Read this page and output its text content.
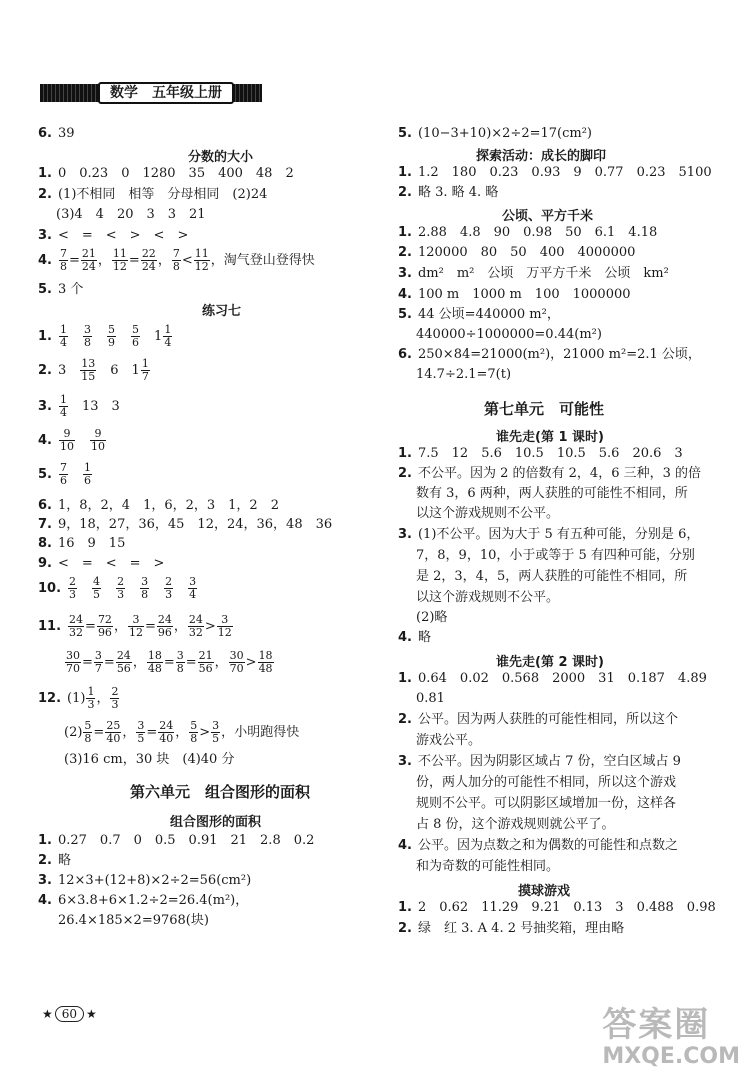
数学　五年级上册
6. 39
分数的大小
1. 0　0.23　0　1280　35　400　48　2
2. (1)不相同　相等　分母相同　(2)24
(3)4　4　20　3　3　21
3. <　=　<　>　<　>
4. $\frac{7}{8} = \frac{21}{24}$ ， $\frac{11}{12} = \frac{22}{24}$ ， $\frac{7}{8} < \frac{11}{12}$ ，淘气登山登得快
5. 3 个
练习七
1. $\frac{1}{4}$
　 $\frac{3}{8}$
　 $\frac{5}{9}$
　 $\frac{5}{6}$ 　$1 \frac{1}{4}$
2. 3　 $\frac{13}{15}$ 　6　$1 \frac{1}{7}$
3. $\frac{1}{4}$ 　13　3
4. $\frac{9}{10}$
　 $\frac{9}{10}$
5. $\frac{7}{6}$
　 $\frac{1}{6}$
6. 1，8，2，4　1，6，2，3　1，2　2
7. 9，18，27，36，45　12，24，36，48　36
8. 16　9　15
9. <　=　<　=　>
10. $\frac{2}{3}$
　 $\frac{4}{5}$
　 $\frac{2}{3}$
　 $\frac{3}{8}$
　 $\frac{2}{3}$
　 $\frac{3}{4}$
11. $\frac{24}{32} = \frac{72}{96}$ ， $\frac{3}{12} = \frac{24}{96}$ ， $\frac{24}{32} > \frac{3}{12}$
$\frac{30}{70} = \frac{3}{7} = \frac{24}{56}$ ， $\frac{18}{48} = \frac{3}{8} = \frac{21}{56}$ ， $\frac{30}{70} > \frac{18}{48}$
12. $(1) \frac{1}{3}$ ， $\frac{2}{3}$
$(2) \frac{5}{8} = \frac{25}{40}$ ， $\frac{3}{5} = \frac{24}{40}$ ， $\frac{5}{8} > \frac{3}{5}$ ，小明跑得快
(3)16 cm，30 块　(4)40 分
第六单元　组合图形的面积
组合图形的面积
1. 0.27　0.7　0　0.5　0.91　21　2.8　0.2
2. 略
3. 12×3+(12+8)×2÷2=56(cm²)
4. 6×3.8+6×1.2÷2=26.4(m²)，
26.4×185×2=9768(块)
5. (10−3+10)×2÷2=17(cm²)
探索活动：成长的脚印
1. 1.2　180　0.23　0.93　9　0.77　0.23　5100
2. 略 3. 略 4. 略
公顷、平方千米
1. 2.88　4.8　90　0.98　50　6.1　4.18
2. 120000　80　50　400　4000000
3. dm²　m²　公顷　万平方千米　公顷　km²
4. 100 m　1000 m　100　1000000
5. 44 公顷=440000 m²，
440000÷1000000=0.44(m²)
6. 250×84=21000(m²)，21000 m²=2.1 公顷，
14.7÷2.1=7(t)
第七单元　可能性
谁先走(第 1 课时)
1. 7.5　12　5.6　10.5　10.5　5.6　20.6　3
2. 不公平。因为 2 的倍数有 2，4，6 三种，3 的倍
数有 3，6 两种，两人获胜的可能性不相同，所
以这个游戏规则不公平。
3. (1)不公平。因为大于 5 有五种可能，分别是 6，
7，8，9，10，小于或等于 5 有四种可能，分别
是 2，3，4，5，两人获胜的可能性不相同，所
以这个游戏规则不公平。
(2)略
4. 略
谁先走(第 2 课时)
1. 0.64　0.02　0.568　2000　31　0.187　4.89
0.81
2. 公平。因为两人获胜的可能性相同，所以这个
游戏公平。
3. 不公平。因为阴影区域占 7 份，空白区域占 9
份，两人加分的可能性不相同，所以这个游戏
规则不公平。可以阴影区域增加一份，这样各
占 8 份，这个游戏规则就公平了。
4. 公平。因为点数之和为偶数的可能性和点数之
和为奇数的可能性相同。
摸球游戏
1. 2　0.62　11.29　9.21　0.13　3　0.488　0.98
2. 绿　红 3. A 4. 2 号抽奖箱，理由略
★ 60 ★	答案圈
MXQE.COM
